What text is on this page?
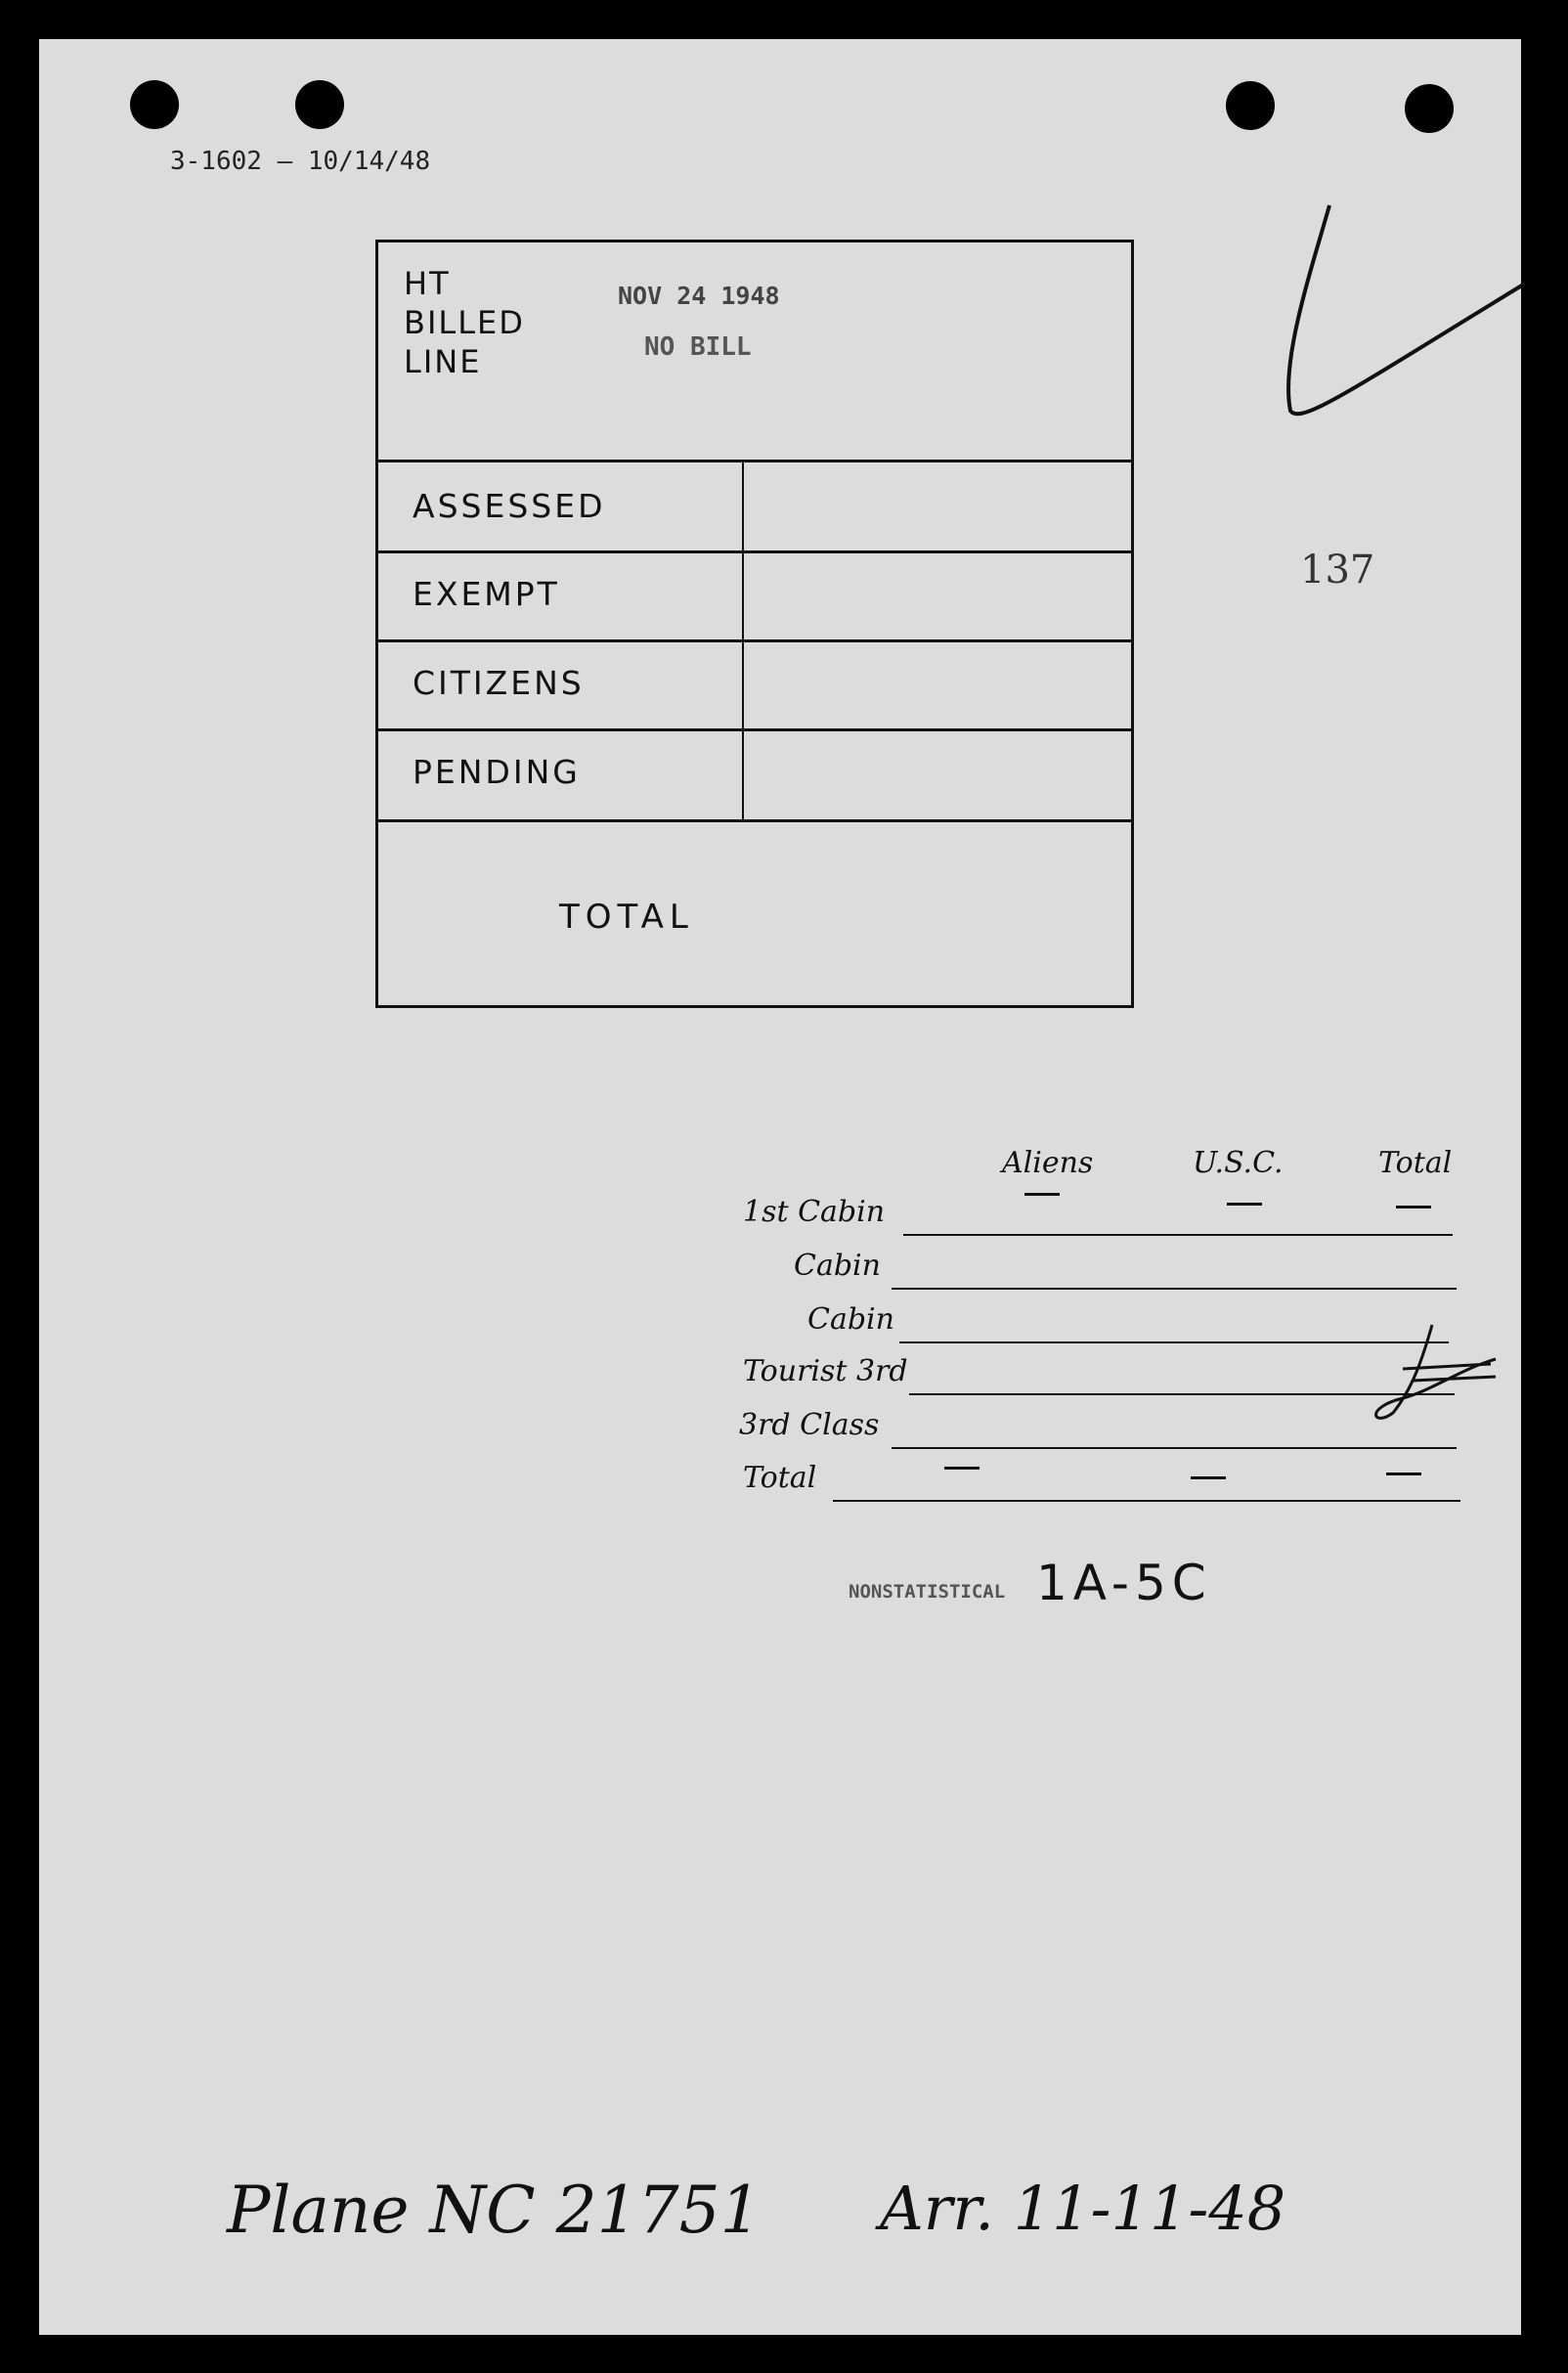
3-1602 — 10/14/48
HT
BILLED
LINE
NOV 24 1948
NO BILL
ASSESSED
EXEMPT
CITIZENS
PENDING
TOTAL
137
Aliens	U.S.C.	Total
1st Cabin
Cabin
Cabin
Tourist 3rd
3rd Class
Total
NONSTATISTICAL 1A-5C
Plane NC 21751 Arr. 11-11-48
